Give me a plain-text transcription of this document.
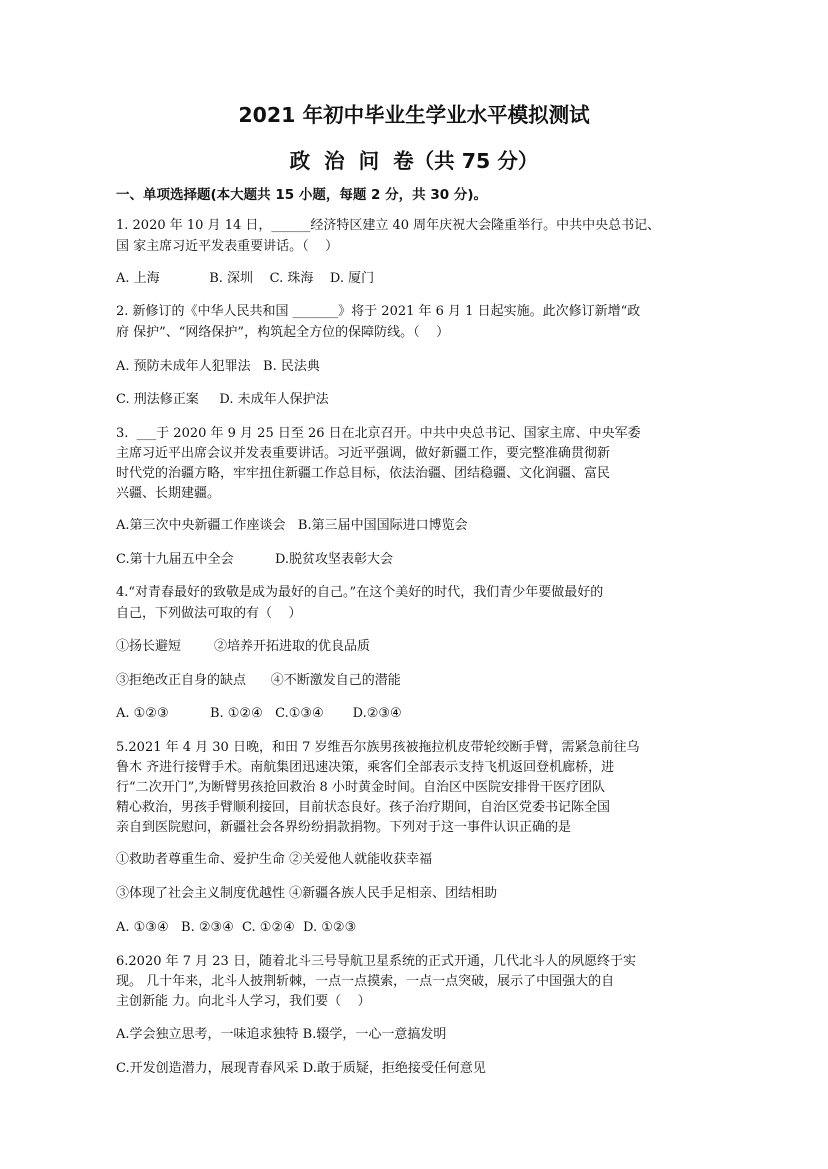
2021 年初中毕业生学业水平模拟测试
政治问卷（共 75 分）
一、单项选择题(本大题共 15 小题，每题 2 分，共 30 分)。
1. 2020 年 10 月 14 日，______经济特区建立 40 周年庆祝大会隆重举行。中共中央总书记、
国 家主席习近平发表重要讲话。（    ）
A. 上海            B. 深圳    C. 珠海    D. 厦门
2. 新修订的《中华人民共和国 _______》将于 2021 年 6 月 1 日起实施。此次修订新增“政
府 保护”、“网络保护”，构筑起全方位的保障防线。（    ）
A. 预防未成年人犯罪法   B. 民法典
C. 刑法修正案     D. 未成年人保护法
3.  ___于 2020 年 9 月 25 日至 26 日在北京召开。中共中央总书记、国家主席、中央军委
主席习近平出席会议并发表重要讲话。习近平强调，做好新疆工作，要完整准确贯彻新
时代党的治疆方略，牢牢扭住新疆工作总目标，依法治疆、团结稳疆、文化润疆、富民
兴疆、长期建疆。
A.第三次中央新疆工作座谈会   B.第三届中国国际进口博览会
C.第十九届五中全会          D.脱贫攻坚表彰大会
4.“对青春最好的致敬是成为最好的自己。”在这个美好的时代，我们青少年要做最好的
自己，下列做法可取的有（    ）
①扬长避短        ②培养开拓进取的优良品质
③拒绝改正自身的缺点      ④不断激发自己的潜能
A. ①②③          B. ①②④   C.①③④       D.②③④
5.2021 年 4 月 30 日晚，和田 7 岁维吾尔族男孩被拖拉机皮带轮绞断手臂，需紧急前往乌
鲁木 齐进行接臂手术。南航集团迅速决策，乘客们全部表示支持飞机返回登机廊桥，进
行“二次开门”,为断臂男孩抢回救治 8 小时黄金时间。自治区中医院安排骨干医疗团队
精心救治，男孩手臂顺利接回，目前状态良好。孩子治疗期间，自治区党委书记陈全国
亲自到医院慰问，新疆社会各界纷纷捐款捐物。下列对于这一事件认识正确的是
①救助者尊重生命、爱护生命 ②关爱他人就能收获幸福
③体现了社会主义制度优越性 ④新疆各族人民手足相亲、团结相助
A. ①③④   B. ②③④  C. ①②④  D. ①②③
6.2020 年 7 月 23 日，随着北斗三号导航卫星系统的正式开通，几代北斗人的夙愿终于实
现。 几十年来，北斗人披荆斩棘，一点一点摸索，一点一点突破，展示了中国强大的自
主创新能 力。向北斗人学习，我们要（    ）
A.学会独立思考，一味追求独特 B.辍学，一心一意搞发明
C.开发创造潜力，展现青春风采 D.敢于质疑，拒绝接受任何意见
